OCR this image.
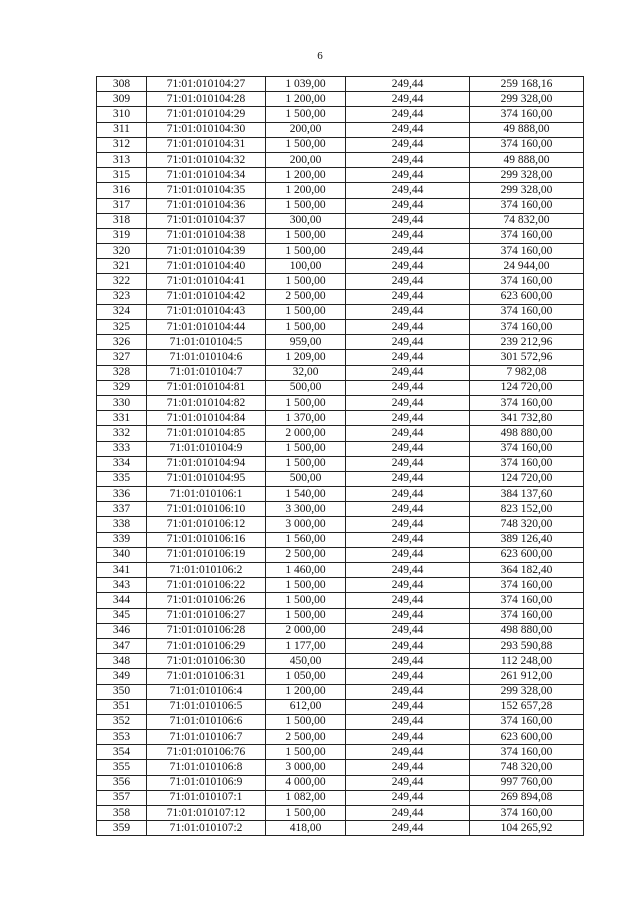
6
308	71:01:010104:27	1 039,00	249,44	259 168,16
309	71:01:010104:28	1 200,00	249,44	299 328,00
310	71:01:010104:29	1 500,00	249,44	374 160,00
311	71:01:010104:30	200,00	249,44	49 888,00
312	71:01:010104:31	1 500,00	249,44	374 160,00
313	71:01:010104:32	200,00	249,44	49 888,00
315	71:01:010104:34	1 200,00	249,44	299 328,00
316	71:01:010104:35	1 200,00	249,44	299 328,00
317	71:01:010104:36	1 500,00	249,44	374 160,00
318	71:01:010104:37	300,00	249,44	74 832,00
319	71:01:010104:38	1 500,00	249,44	374 160,00
320	71:01:010104:39	1 500,00	249,44	374 160,00
321	71:01:010104:40	100,00	249,44	24 944,00
322	71:01:010104:41	1 500,00	249,44	374 160,00
323	71:01:010104:42	2 500,00	249,44	623 600,00
324	71:01:010104:43	1 500,00	249,44	374 160,00
325	71:01:010104:44	1 500,00	249,44	374 160,00
326	71:01:010104:5	959,00	249,44	239 212,96
327	71:01:010104:6	1 209,00	249,44	301 572,96
328	71:01:010104:7	32,00	249,44	7 982,08
329	71:01:010104:81	500,00	249,44	124 720,00
330	71:01:010104:82	1 500,00	249,44	374 160,00
331	71:01:010104:84	1 370,00	249,44	341 732,80
332	71:01:010104:85	2 000,00	249,44	498 880,00
333	71:01:010104:9	1 500,00	249,44	374 160,00
334	71:01:010104:94	1 500,00	249,44	374 160,00
335	71:01:010104:95	500,00	249,44	124 720,00
336	71:01:010106:1	1 540,00	249,44	384 137,60
337	71:01:010106:10	3 300,00	249,44	823 152,00
338	71:01:010106:12	3 000,00	249,44	748 320,00
339	71:01:010106:16	1 560,00	249,44	389 126,40
340	71:01:010106:19	2 500,00	249,44	623 600,00
341	71:01:010106:2	1 460,00	249,44	364 182,40
343	71:01:010106:22	1 500,00	249,44	374 160,00
344	71:01:010106:26	1 500,00	249,44	374 160,00
345	71:01:010106:27	1 500,00	249,44	374 160,00
346	71:01:010106:28	2 000,00	249,44	498 880,00
347	71:01:010106:29	1 177,00	249,44	293 590,88
348	71:01:010106:30	450,00	249,44	112 248,00
349	71:01:010106:31	1 050,00	249,44	261 912,00
350	71:01:010106:4	1 200,00	249,44	299 328,00
351	71:01:010106:5	612,00	249,44	152 657,28
352	71:01:010106:6	1 500,00	249,44	374 160,00
353	71:01:010106:7	2 500,00	249,44	623 600,00
354	71:01:010106:76	1 500,00	249,44	374 160,00
355	71:01:010106:8	3 000,00	249,44	748 320,00
356	71:01:010106:9	4 000,00	249,44	997 760,00
357	71:01:010107:1	1 082,00	249,44	269 894,08
358	71:01:010107:12	1 500,00	249,44	374 160,00
359	71:01:010107:2	418,00	249,44	104 265,92
